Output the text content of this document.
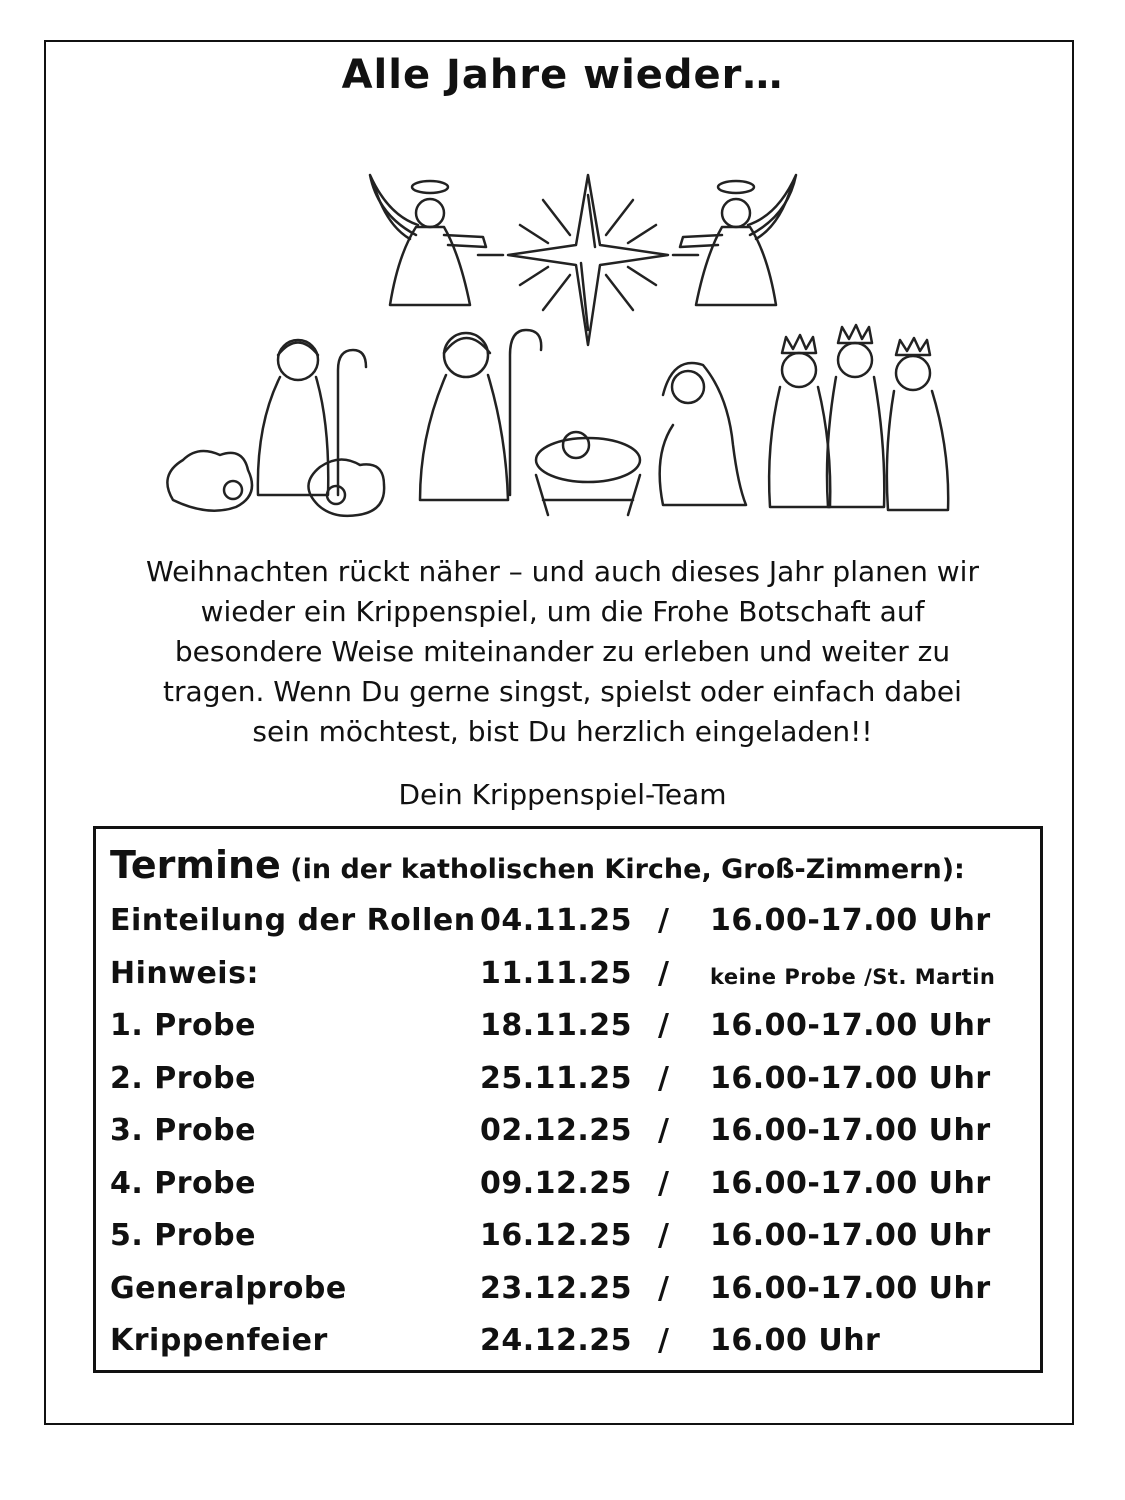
Alle Jahre wieder…

Weihnachten rückt näher – und auch dieses Jahr planen wir

wieder ein Krippenspiel, um die Frohe Botschaft auf

besondere Weise miteinander zu erleben und weiter zu

tragen. Wenn Du gerne singst, spielst oder einfach dabei

sein möchtest, bist Du herzlich eingeladen!!

Dein Krippenspiel-Team
Termine (in der katholischen Kirche, Groß-Zimmern):
Einteilung der Rollen 04.11.25 / 16.00-17.00 Uhr
Hinweis:	11.11.25 / keine Probe /St. Martin
1. Probe	18.11.25 / 16.00-17.00 Uhr
2. Probe	25.11.25 / 16.00-17.00 Uhr
3. Probe	02.12.25 / 16.00-17.00 Uhr
4. Probe	09.12.25 / 16.00-17.00 Uhr
5. Probe	16.12.25 / 16.00-17.00 Uhr
Generalprobe	23.12.25 / 16.00-17.00 Uhr
Krippenfeier	24.12.25 / 16.00 Uhr
